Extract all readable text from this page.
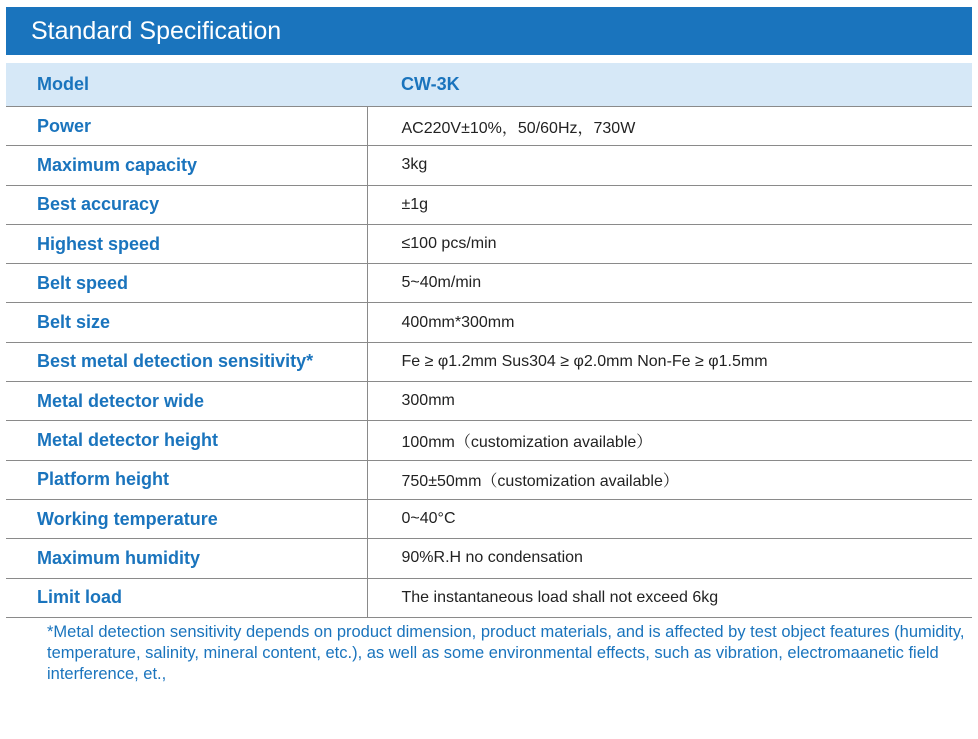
Standard Specification
Model	CW-3K
Power	AC220V±10%，50/60Hz，730W
Maximum capacity	3kg
Best accuracy	±1g
Highest speed	≤100 pcs/min
Belt speed	5~40m/min
Belt size	400mm*300mm
Best metal detection sensitivity*	Fe ≥ φ1.2mm Sus304 ≥ φ2.0mm Non-Fe ≥ φ1.5mm
Metal detector wide	300mm
Metal detector height	100mm（customization available）
Platform height	750±50mm（customization available）
Working temperature	0~40°C
Maximum humidity	90%R.H no condensation
Limit load	The instantaneous load shall not exceed 6kg
*Metal detection sensitivity depends on product dimension, product materials, and is affected by test object features (humidity, temperature, salinity, mineral content, etc.), as well as some environmental effects, such as vibration, electromaanetic field interference, et.,
